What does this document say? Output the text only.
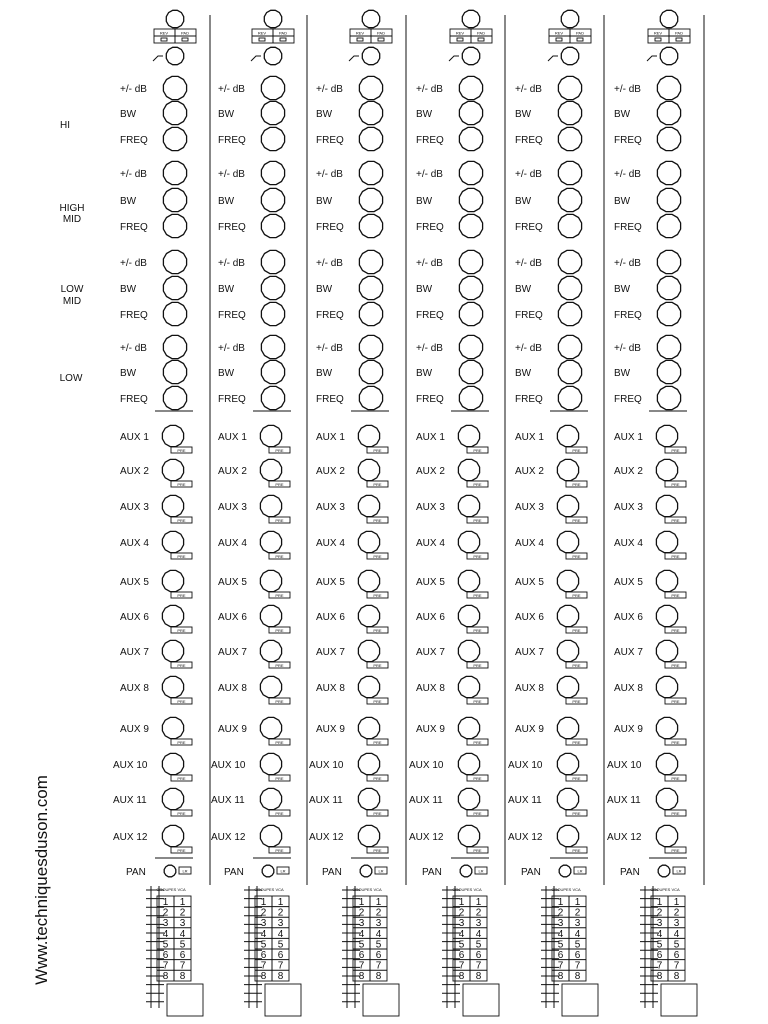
HI
HIGH
MID
LOW
MID
LOW
REV	PAD
+/- dB
BW
FREQ
+/- dB
BW
FREQ
+/- dB
BW
FREQ
+/- dB
BW
FREQ
AUX 1
PRE
AUX 2
PRE
AUX 3
PRE
AUX 4
PRE
AUX 5
PRE
AUX 6
PRE
AUX 7
PRE
AUX 8
PRE
AUX 9
PRE
AUX 10
PRE
AUX 11
PRE
AUX 12
PRE
PAN	LR
GROUPES VCA
1 1
2 2
3 3
4 4
5 5
6 6
7 7
8 8
REV	PAD
+/- dB
BW
FREQ
+/- dB
BW
FREQ
+/- dB
BW
FREQ
+/- dB
BW
FREQ
AUX 1
PRE
AUX 2
PRE
AUX 3
PRE
AUX 4
PRE
AUX 5
PRE
AUX 6
PRE
AUX 7
PRE
AUX 8
PRE
AUX 9
PRE
AUX 10
PRE
AUX 11
PRE
AUX 12
PRE
PAN	LR
GROUPES VCA
1 1
2 2
3 3
4 4
5 5
6 6
7 7
8 8
REV	PAD
+/- dB
BW
FREQ
+/- dB
BW
FREQ
+/- dB
BW
FREQ
+/- dB
BW
FREQ
AUX 1
PRE
AUX 2
PRE
AUX 3
PRE
AUX 4
PRE
AUX 5
PRE
AUX 6
PRE
AUX 7
PRE
AUX 8
PRE
AUX 9
PRE
AUX 10
PRE
AUX 11
PRE
AUX 12
PRE
PAN	LR
GROUPES VCA
1 1
2 2
3 3
4 4
5 5
6 6
7 7
8 8
REV	PAD
+/- dB
BW
FREQ
+/- dB
BW
FREQ
+/- dB
BW
FREQ
+/- dB
BW
FREQ
AUX 1
PRE
AUX 2
PRE
AUX 3
PRE
AUX 4
PRE
AUX 5
PRE
AUX 6
PRE
AUX 7
PRE
AUX 8
PRE
AUX 9
PRE
AUX 10
PRE
AUX 11
PRE
AUX 12
PRE
PAN	LR
GROUPES VCA
1 1
2 2
3 3
4 4
5 5
6 6
7 7
8 8
REV	PAD
+/- dB
BW
FREQ
+/- dB
BW
FREQ
+/- dB
BW
FREQ
+/- dB
BW
FREQ
AUX 1
PRE
AUX 2
PRE
AUX 3
PRE
AUX 4
PRE
AUX 5
PRE
AUX 6
PRE
AUX 7
PRE
AUX 8
PRE
AUX 9
PRE
AUX 10
PRE
AUX 11
PRE
AUX 12
PRE
PAN	LR
GROUPES VCA
1 1
2 2
3 3
4 4
5 5
6 6
7 7
8 8
REV	PAD
+/- dB
BW
FREQ
+/- dB
BW
FREQ
+/- dB
BW
FREQ
+/- dB
BW
FREQ
AUX 1
PRE
AUX 2
PRE
AUX 3
PRE
AUX 4
PRE
AUX 5
PRE
AUX 6
PRE
AUX 7
PRE
AUX 8
PRE
AUX 9
PRE
AUX 10
PRE
AUX 11
PRE
AUX 12
PRE
PAN	LR
GROUPES VCA
1 1
2 2
3 3
4 4
5 5
6 6
7 7
8 8
Www.techniquesduson.com
